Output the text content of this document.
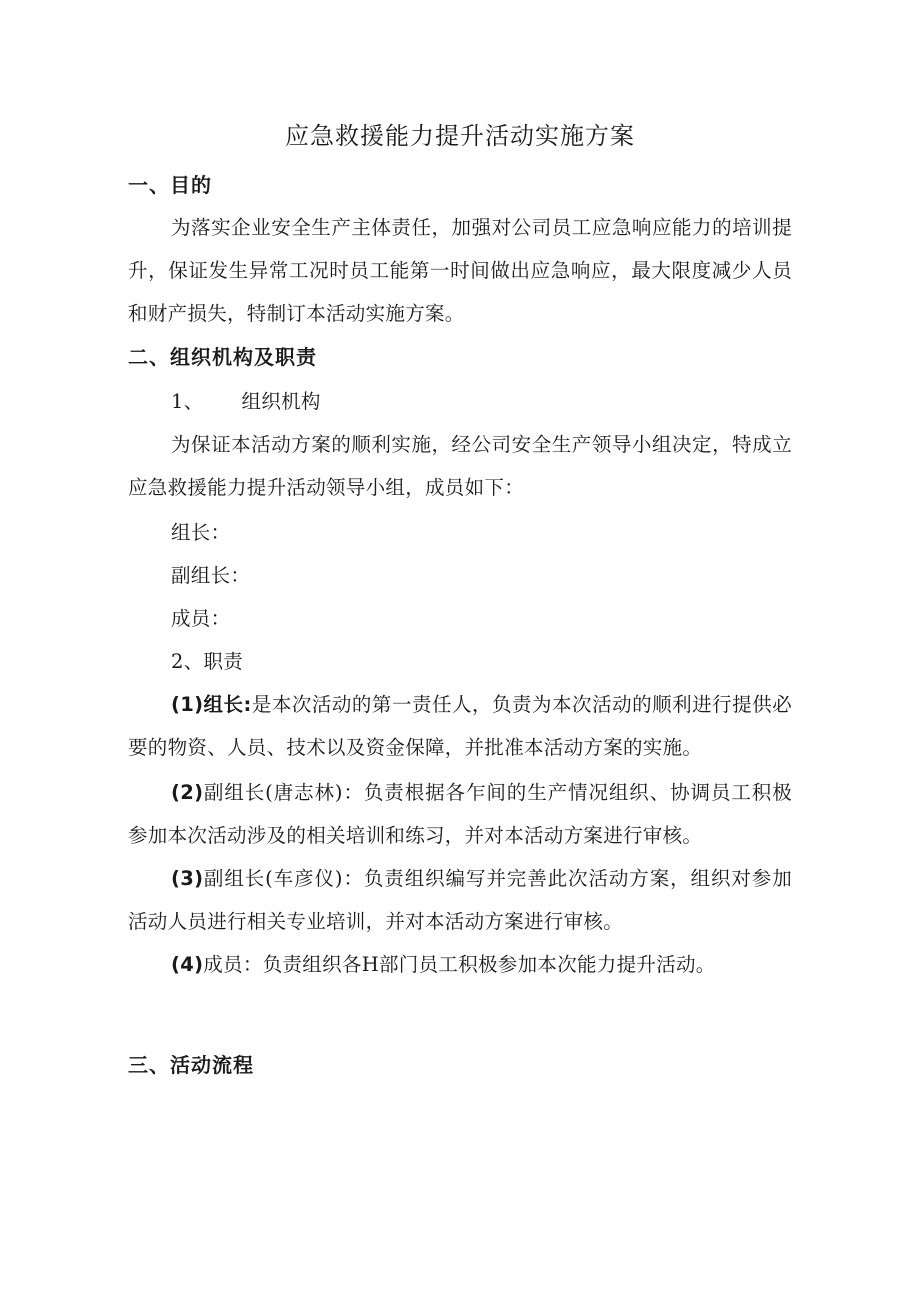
应急救援能力提升活动实施方案
一、目的
为落实企业安全生产主体责任，加强对公司员工应急响应能力的培训提升，保证发生异常工况时员工能第一时间做出应急响应，最大限度减少人员和财产损失，特制订本活动实施方案。
二、组织机构及职责
1、 组织机构
为保证本活动方案的顺利实施，经公司安全生产领导小组决定，特成立应急救援能力提升活动领导小组，成员如下：
组长：
副组长：
成员：
2、职责
(1)组长:是本次活动的第一责任人，负责为本次活动的顺利进行提供必要的物资、人员、技术以及资金保障，并批准本活动方案的实施。
(2)副组长(唐志林)：负责根据各乍间的生产情况组织、协调员工积极参加本次活动涉及的相关培训和练习，并对本活动方案进行审核。
(3)副组长(车彦仪)：负责组织编写并完善此次活动方案，组织对参加活动人员进行相关专业培训，并对本活动方案进行审核。
(4)成员：负责组织各H部门员工积极参加本次能力提升活动。
三、活动流程
